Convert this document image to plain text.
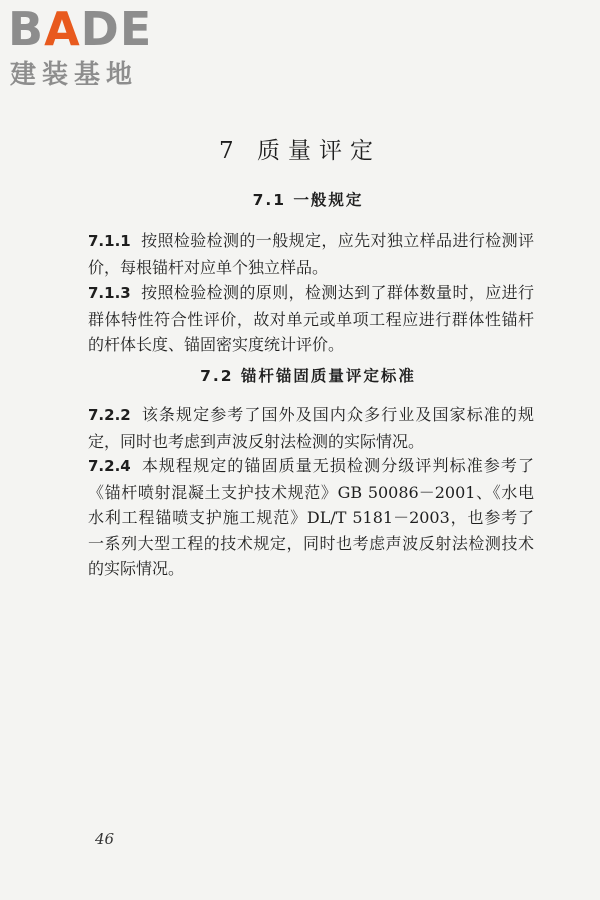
BADE
建装基地
7 质量评定
7.1 一般规定
7.1.1 按照检验检测的一般规定，应先对独立样品进行检测评价，每根锚杆对应单个独立样品。
7.1.3 按照检验检测的原则，检测达到了群体数量时，应进行群体特性符合性评价，故对单元或单项工程应进行群体性锚杆的杆体长度、锚固密实度统计评价。
7.2 锚杆锚固质量评定标准
7.2.2 该条规定参考了国外及国内众多行业及国家标准的规定，同时也考虑到声波反射法检测的实际情况。
7.2.4 本规程规定的锚固质量无损检测分级评判标准参考了《锚杆喷射混凝土支护技术规范》GB 50086－2001、《水电水利工程锚喷支护施工规范》DL/T 5181－2003，也参考了一系列大型工程的技术规定，同时也考虑声波反射法检测技术的实际情况。
46
